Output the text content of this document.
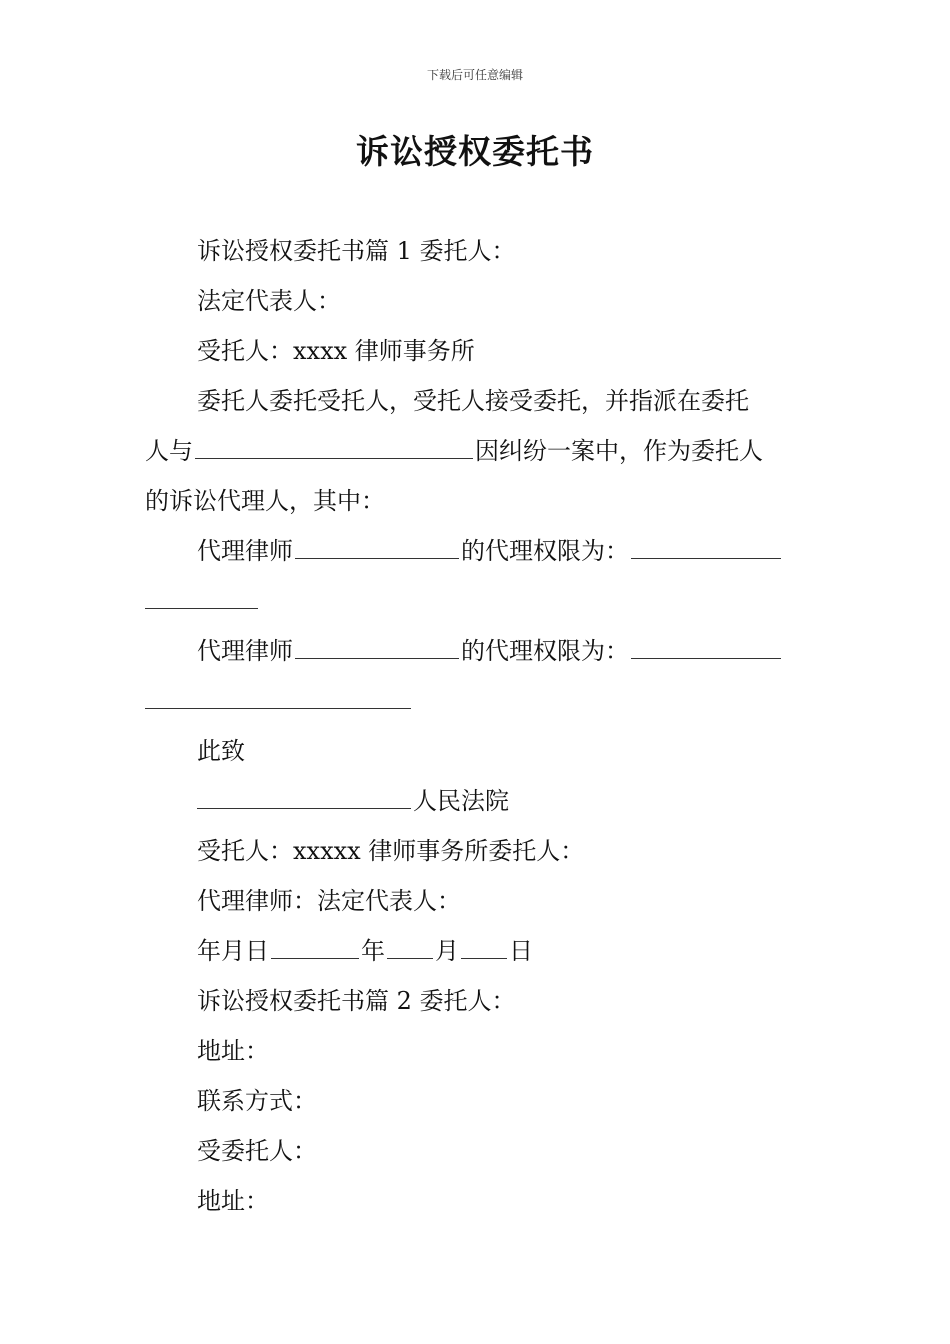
下载后可任意编辑
诉讼授权委托书
诉讼授权委托书篇 1 委托人：
法定代表人：
受托人：xxxx 律师事务所
委托人委托受托人，受托人接受委托，并指派在委托
人与	因纠纷一案中，作为委托人
的诉讼代理人，其中：
代理律师	的代理权限为：
代理律师	的代理权限为：
此致
人民法院
受托人：xxxxx 律师事务所委托人：
代理律师：法定代表人：
年月日	年 月 日
诉讼授权委托书篇 2 委托人：
地址：
联系方式：
受委托人：
地址：
